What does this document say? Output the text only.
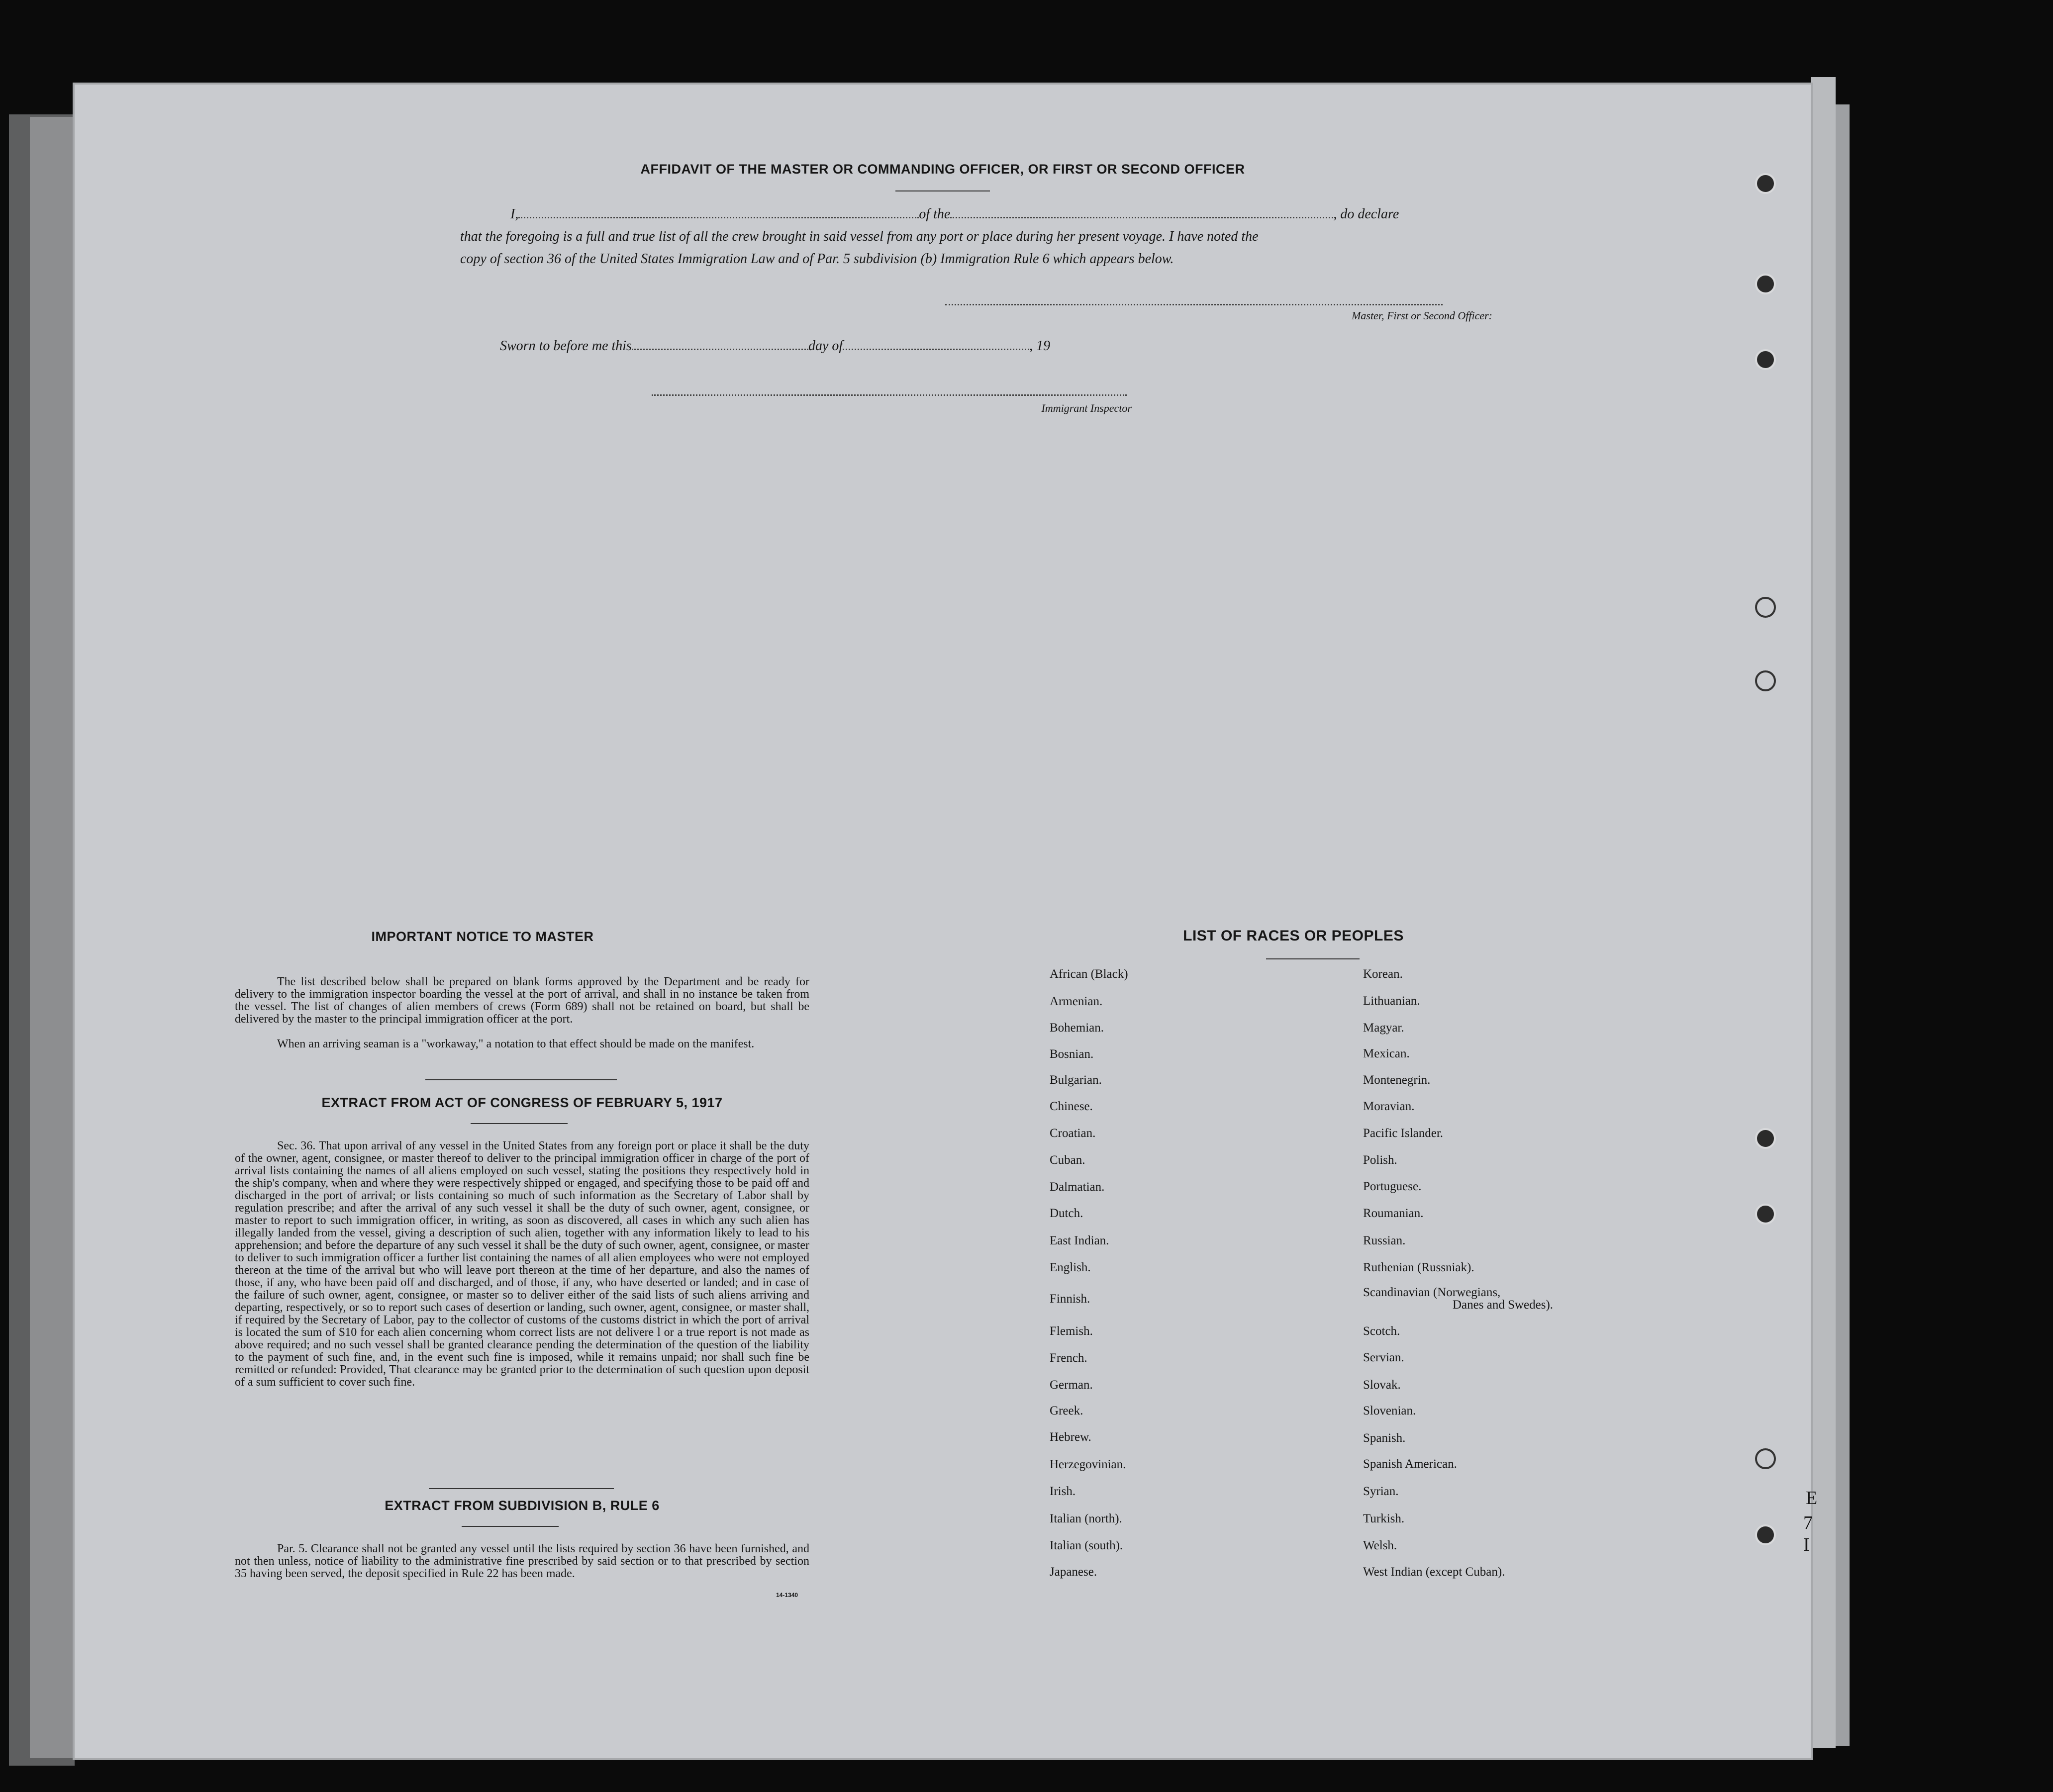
E
7 I
AFFIDAVIT OF THE MASTER OR COMMANDING OFFICER, OR FIRST OR SECOND OFFICER
I,	of the	, do declare
that the foregoing is a full and true list of all the crew brought in said vessel from any port or place during her present voyage. I have noted the
copy of section 36 of the United States Immigration Law and of Par. 5 subdivision (b) Immigration Rule 6 which appears below.
Master, First or Second Officer:
Sworn to before me this	day of	, 19
Immigrant Inspector
IMPORTANT NOTICE TO MASTER
The list described below shall be prepared on blank forms approved by the Department and be ready for delivery to the immigration inspector boarding the vessel at the port of arrival, and shall in no instance be taken from the vessel. The list of changes of alien members of crews (Form 689) shall not be retained on board, but shall be delivered by the master to the principal immigration officer at the port.
When an arriving seaman is a "workaway," a notation to that effect should be made on the manifest.
EXTRACT FROM ACT OF CONGRESS OF FEBRUARY 5, 1917
Sec. 36. That upon arrival of any vessel in the United States from any foreign port or place it shall be the duty of the owner, agent, consignee, or master thereof to deliver to the principal immigration officer in charge of the port of arrival lists containing the names of all aliens employed on such vessel, stating the positions they respectively hold in the ship's company, when and where they were respectively shipped or engaged, and specifying those to be paid off and discharged in the port of arrival; or lists containing so much of such information as the Secretary of Labor shall by regulation prescribe; and after the arrival of any such vessel it shall be the duty of such owner, agent, consignee, or master to report to such immigration officer, in writing, as soon as discovered, all cases in which any such alien has illegally landed from the vessel, giving a description of such alien, together with any information likely to lead to his apprehension; and before the departure of any such vessel it shall be the duty of such owner, agent, consignee, or master to deliver to such immigration officer a further list containing the names of all alien employees who were not employed thereon at the time of the arrival but who will leave port thereon at the time of her departure, and also the names of those, if any, who have been paid off and discharged, and of those, if any, who have deserted or landed; and in case of the failure of such owner, agent, consignee, or master so to deliver either of the said lists of such aliens arriving and departing, respectively, or so to report such cases of desertion or landing, such owner, agent, consignee, or master shall, if required by the Secretary of Labor, pay to the collector of customs of the customs district in which the port of arrival is located the sum of $10 for each alien concerning whom correct lists are not delivere l or a true report is not made as above required; and no such vessel shall be granted clearance pending the determination of the question of the liability to the payment of such fine, and, in the event such fine is imposed, while it remains unpaid; nor shall such fine be remitted or refunded: Provided, That clearance may be granted prior to the determination of such question upon deposit of a sum sufficient to cover such fine.
EXTRACT FROM SUBDIVISION B, RULE 6
Par. 5. Clearance shall not be granted any vessel until the lists required by section 36 have been furnished, and not then unless, notice of liability to the administrative fine prescribed by said section or to that prescribed by section 35 having been served, the deposit specified in Rule 22 has been made.
14-1340
LIST OF RACES OR PEOPLES
African (Black)
Armenian.
Bohemian.
Bosnian.
Bulgarian.
Chinese.
Croatian.
Cuban.
Dalmatian.
Dutch.
East Indian.
English.
Finnish.
Flemish.
French.
German.
Greek.
Hebrew.
Herzegovinian.
Irish.
Italian (north).
Italian (south).
Japanese.
Korean.
Lithuanian.
Magyar.
Mexican.
Montenegrin.
Moravian.
Pacific Islander.
Polish.
Portuguese.
Roumanian.
Russian.
Ruthenian (Russniak).
Scandinavian (Norwegians,
Danes and Swedes).
Scotch.
Servian.
Slovak.
Slovenian.
Spanish.
Spanish American.
Syrian.
Turkish.
Welsh.
West Indian (except Cuban).
